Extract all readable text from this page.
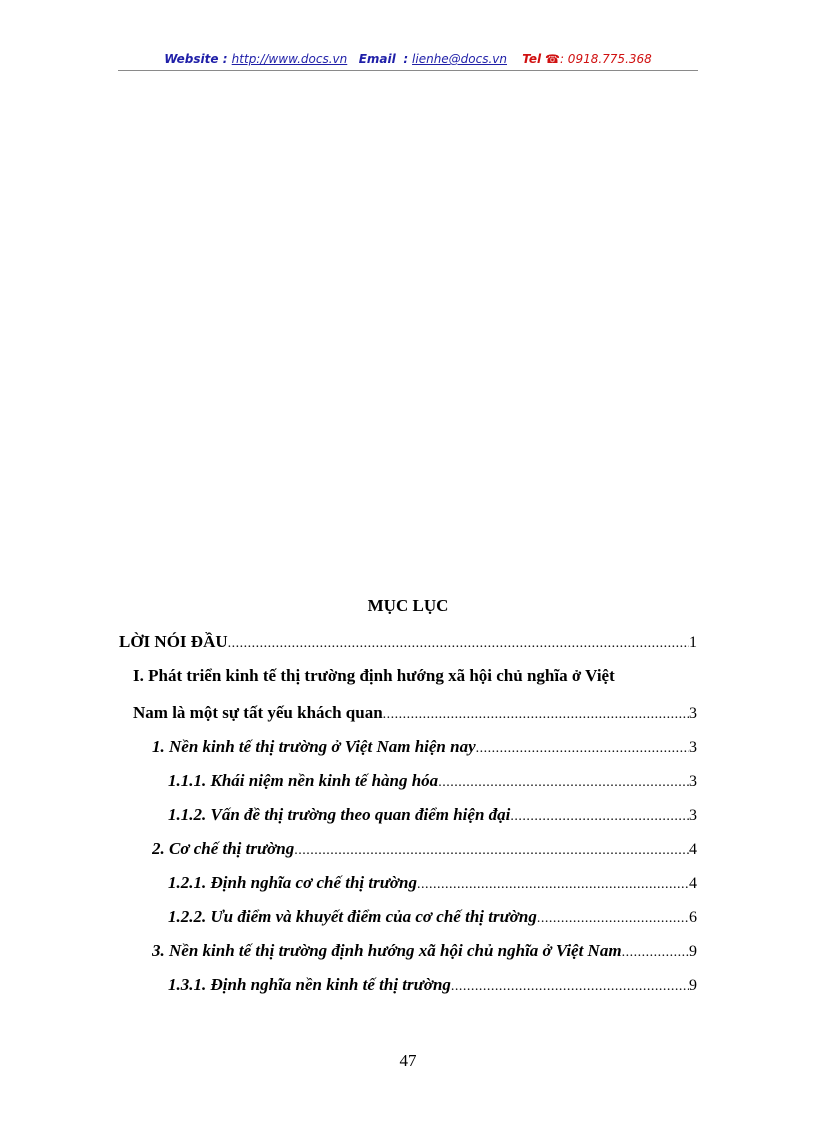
Website : http://www.docs.vn Email : lienhe@docs.vn Tel ☎: 0918.775.368
MỤC LỤC
LỜI NÓI ĐẦU .....	1
I. Phát triển kinh tế thị trường định hướng xã hội chủ nghĩa ở Việt
Nam là một sự tất yếu khách quan .....	3
1. Nền kinh tế thị trường ở Việt Nam hiện nay .....	3
1.1.1. Khái niệm nền kinh tế hàng hóa .....	3
1.1.2. Vấn đề thị trường theo quan điểm hiện đại .....	3
2. Cơ chế thị trường .....	4
1.2.1. Định nghĩa cơ chế thị trường .....	4
1.2.2. Ưu điểm và khuyết điểm của cơ chế thị trường .....	6
3. Nền kinh tế thị trường định hướng xã hội chủ nghĩa ở Việt Nam .....	9
1.3.1. Định nghĩa nền kinh tế thị trường .....	9
47
